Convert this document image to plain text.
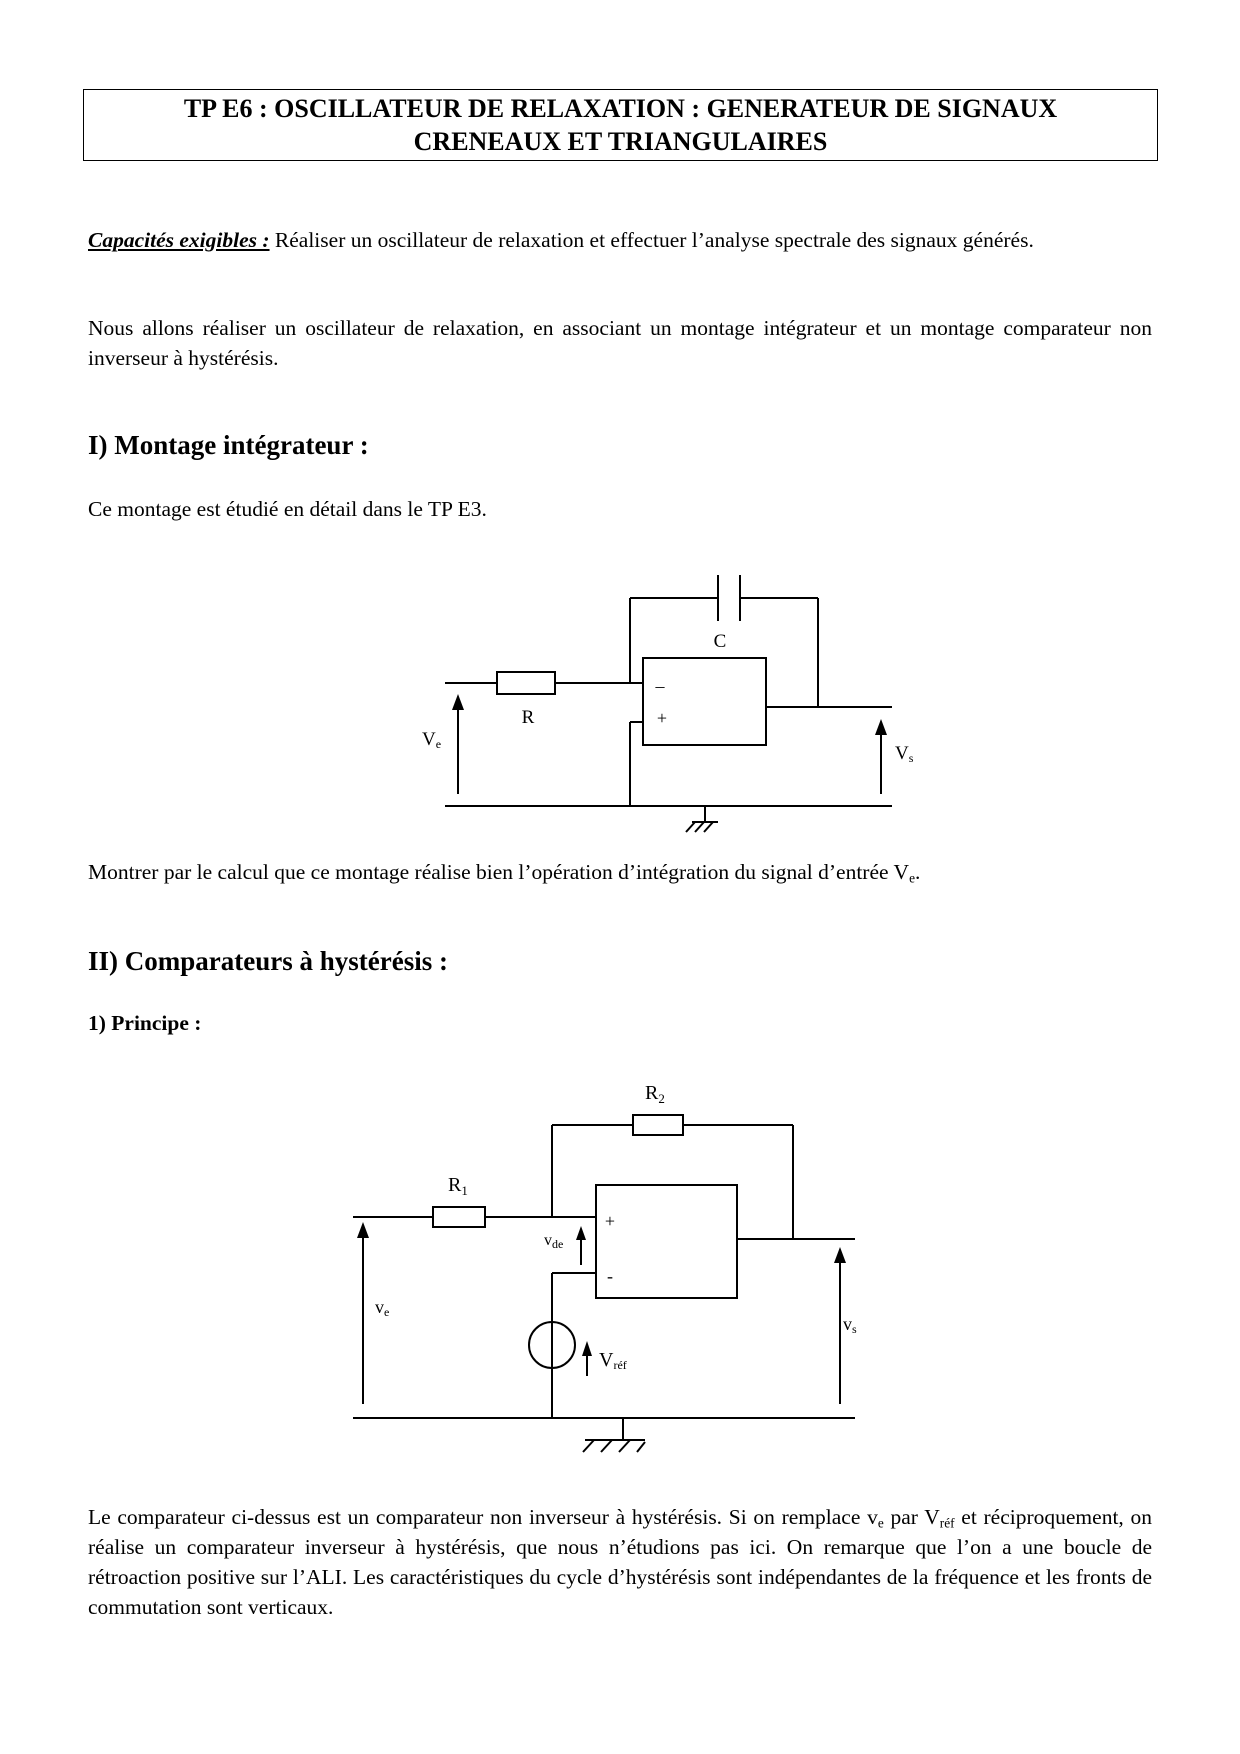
TP E6 : OSCILLATEUR DE RELAXATION : GENERATEUR DE SIGNAUX
CRENEAUX ET TRIANGULAIRES

Capacités exigibles : Réaliser un oscillateur de relaxation et effectuer l’analyse spectrale des signaux générés.

Nous allons réaliser un oscillateur de relaxation, en associant un montage intégrateur et un montage comparateur non inverseur à hystérésis.

I) Montage intégrateur :

Ce montage est étudié en détail dans le TP E3.

C
R
–
+
Ve	Vs

Montrer par le calcul que ce montage réalise bien l’opération d’intégration du signal d’entrée $V_e$.

II) Comparateurs à hystérésis :
1) Principe :
$R_2$
$R_1$
+
-
vde
ve
vs
Vréf

Le comparateur ci-dessus est un comparateur non inverseur à hystérésis. Si on remplace $v_e$ par $V_{réf}$ et réciproquement, on réalise un comparateur inverseur à hystérésis, que nous n’étudions pas ici. On remarque que l’on a une boucle de rétroaction positive sur l’ALI. Les caractéristiques du cycle d’hystérésis sont indépendantes de la fréquence et les fronts de commutation sont verticaux.
